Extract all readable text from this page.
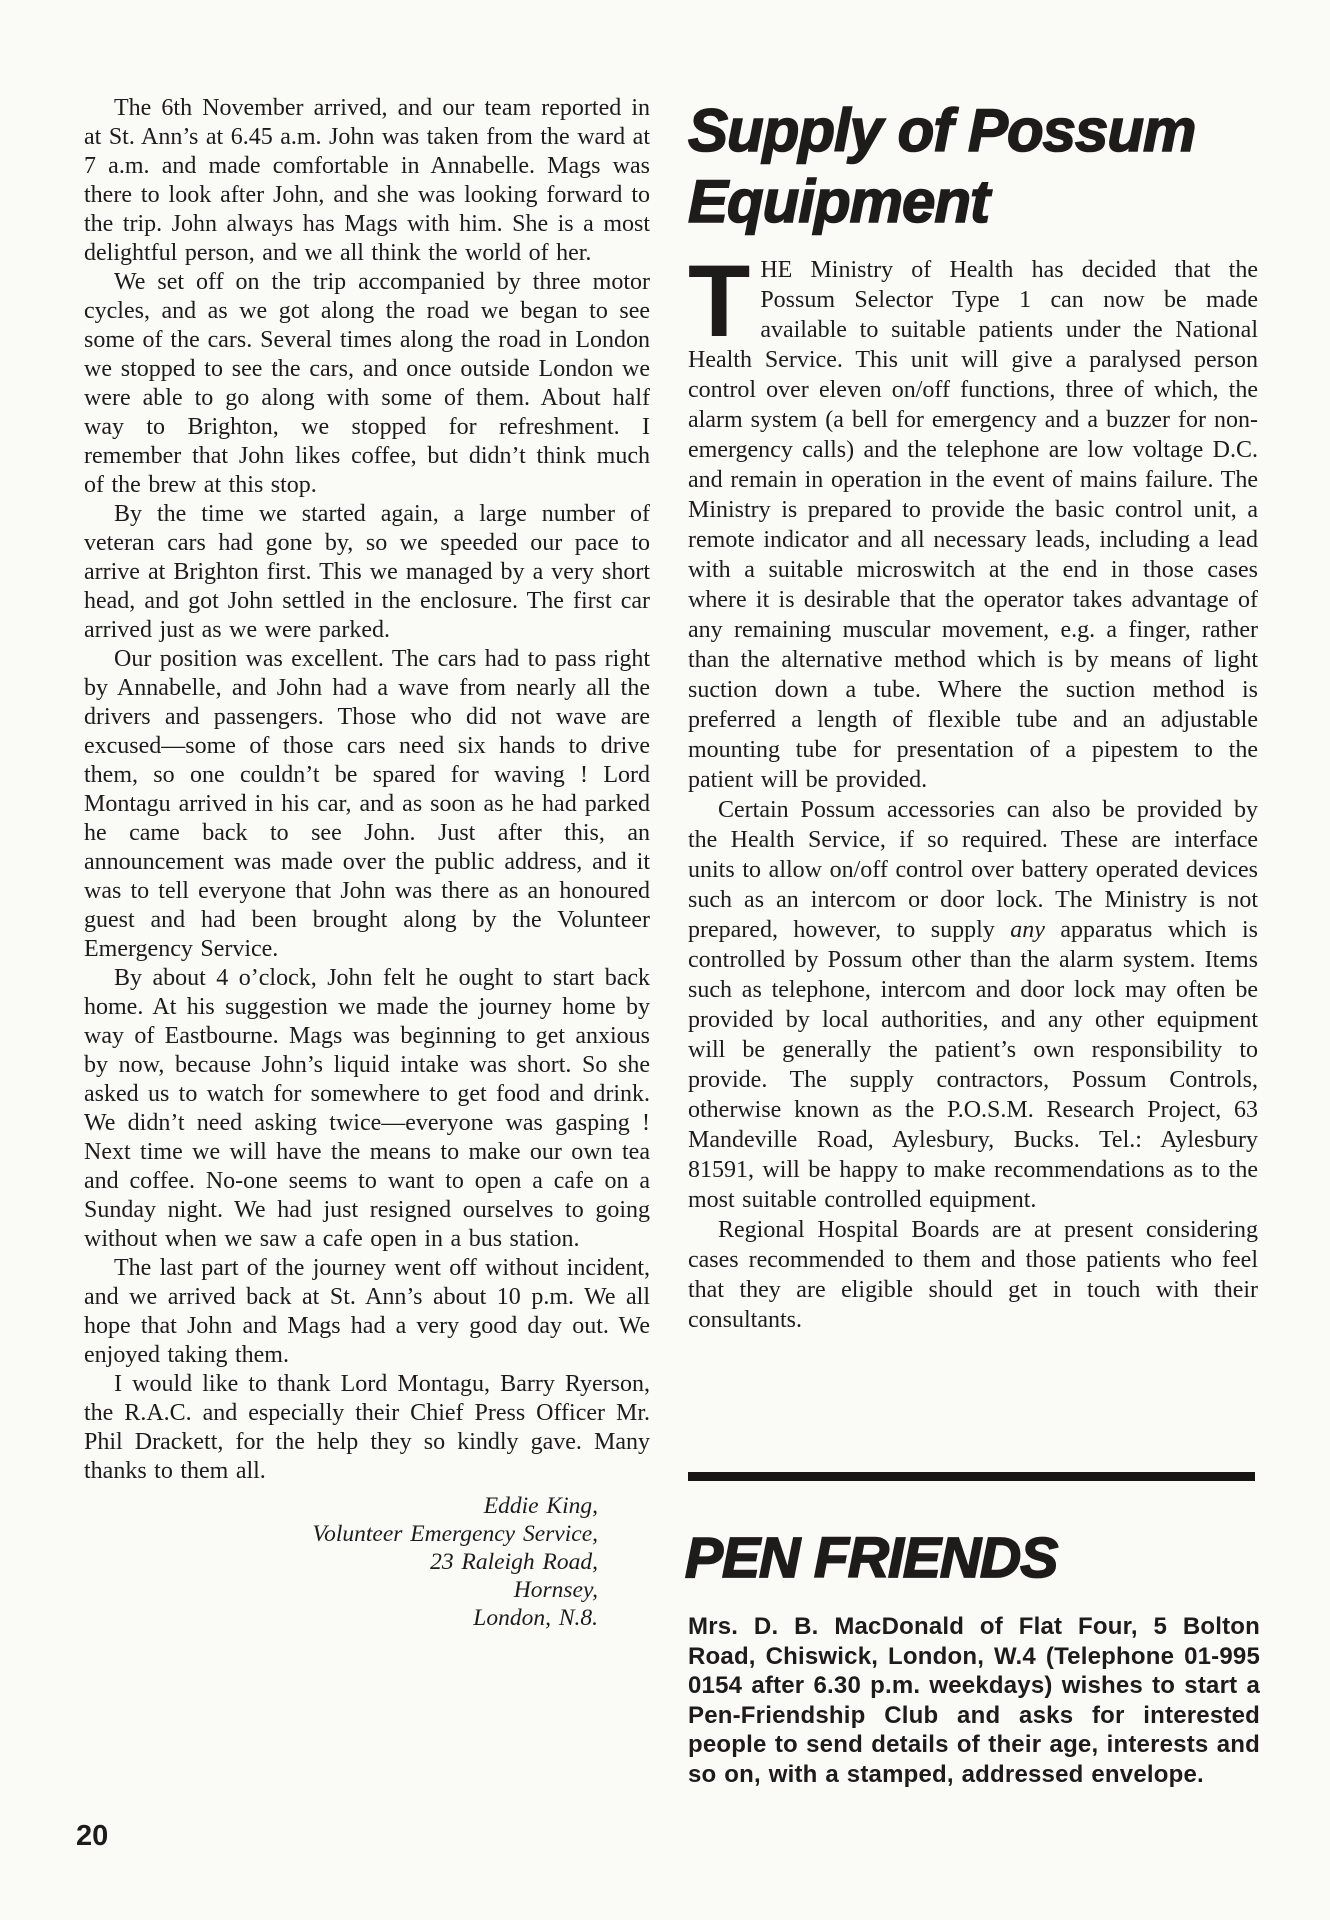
The 6th November arrived, and our team reported in at St. Ann’s at 6.45 a.m. John was taken from the ward at 7 a.m. and made comfortable in Annabelle. Mags was there to look after John, and she was looking forward to the trip. John always has Mags with him. She is a most delightful person, and we all think the world of her.

We set off on the trip accompanied by three motor cycles, and as we got along the road we began to see some of the cars. Several times along the road in London we stopped to see the cars, and once outside London we were able to go along with some of them. About half way to Brighton, we stopped for refreshment. I remember that John likes coffee, but didn’t think much of the brew at this stop.

By the time we started again, a large number of veteran cars had gone by, so we speeded our pace to arrive at Brighton first. This we managed by a very short head, and got John settled in the enclosure. The first car arrived just as we were parked.

Our position was excellent. The cars had to pass right by Annabelle, and John had a wave from nearly all the drivers and passengers. Those who did not wave are excused—some of those cars need six hands to drive them, so one couldn’t be spared for waving ! Lord Montagu arrived in his car, and as soon as he had parked he came back to see John. Just after this, an announcement was made over the public address, and it was to tell everyone that John was there as an honoured guest and had been brought along by the Volunteer Emergency Service.

By about 4 o’clock, John felt he ought to start back home. At his suggestion we made the journey home by way of Eastbourne. Mags was beginning to get anxious by now, because John’s liquid intake was short. So she asked us to watch for somewhere to get food and drink. We didn’t need asking twice—everyone was gasping ! Next time we will have the means to make our own tea and coffee. No-one seems to want to open a cafe on a Sunday night. We had just resigned ourselves to going without when we saw a cafe open in a bus station.

The last part of the journey went off without incident, and we arrived back at St. Ann’s about 10 p.m. We all hope that John and Mags had a very good day out. We enjoyed taking them.

I would like to thank Lord Montagu, Barry Ryerson, the R.A.C. and especially their Chief Press Officer Mr. Phil Drackett, for the help they so kindly gave. Many thanks to them all.

Eddie King,

Volunteer Emergency Service,

23 Raleigh Road,

Hornsey,

London, N.8.

Supply of Possum Equipment

THE Ministry of Health has decided that the Possum Selector Type 1 can now be made available to suitable patients under the National Health Service. This unit will give a paralysed person control over eleven on/off functions, three of which, the alarm system (a bell for emergency and a buzzer for non-emergency calls) and the telephone are low voltage D.C. and remain in operation in the event of mains failure. The Ministry is prepared to provide the basic control unit, a remote indicator and all necessary leads, including a lead with a suitable microswitch at the end in those cases where it is desirable that the operator takes advantage of any remaining muscular movement, e.g. a finger, rather than the alternative method which is by means of light suction down a tube. Where the suction method is preferred a length of flexible tube and an adjustable mounting tube for presentation of a pipestem to the patient will be provided.

Certain Possum accessories can also be provided by the Health Service, if so required. These are interface units to allow on/off control over battery operated devices such as an intercom or door lock. The Ministry is not prepared, however, to supply any apparatus which is controlled by Possum other than the alarm system. Items such as telephone, intercom and door lock may often be provided by local authorities, and any other equipment will be generally the patient’s own responsibility to provide. The supply contractors, Possum Controls, otherwise known as the P.O.S.M. Research Project, 63 Mandeville Road, Aylesbury, Bucks. Tel.: Aylesbury 81591, will be happy to make recommendations as to the most suitable controlled equipment.

Regional Hospital Boards are at present considering cases recommended to them and those patients who feel that they are eligible should get in touch with their consultants.

PEN FRIENDS

Mrs. D. B. MacDonald of Flat Four, 5 Bolton Road, Chiswick, London, W.4 (Telephone 01-995 0154 after 6.30 p.m. weekdays) wishes to start a Pen-Friendship Club and asks for interested people to send details of their age, interests and so on, with a stamped, addressed envelope.

20
